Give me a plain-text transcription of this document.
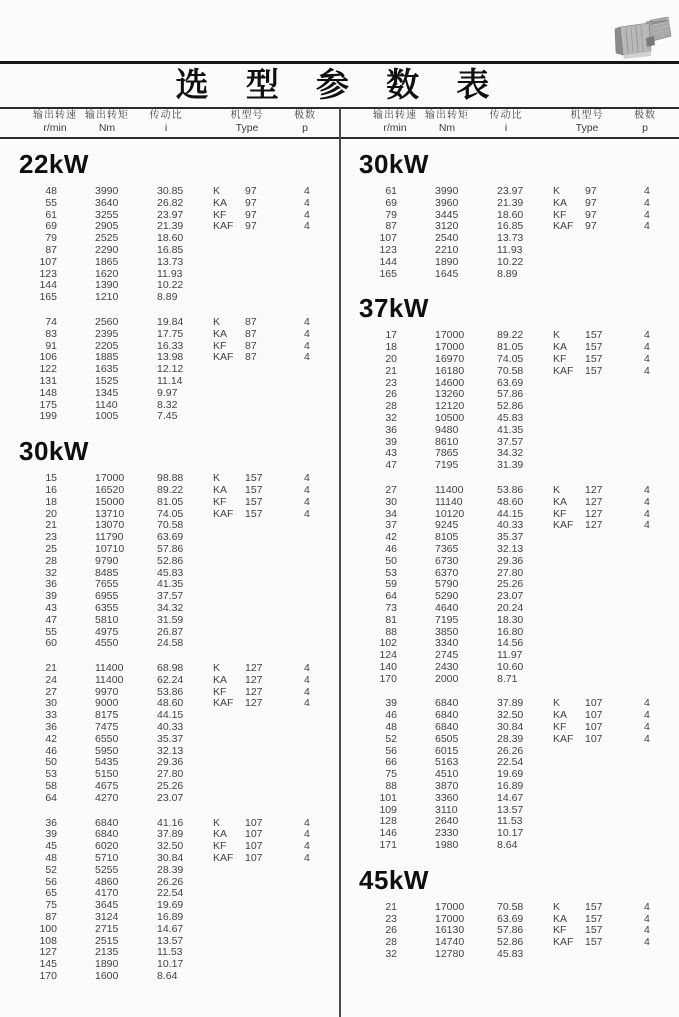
选 型 参 数 表
输出转速
r/min
输出转矩
Nm
传动比
i
机型号
Type
极数
p
输出转速
r/min
输出转矩
Nm
传动比
i
机型号
Type
极数
p
22kW
48	3990	30.85	K	97	4
55	3640	26.82	KA	97	4
61	3255	23.97	KF	97	4
69	2905	21.39	KAF	97	4
79	2525	18.60
87	2290	16.85
107	1865	13.73
123	1620	11.93
144	1390	10.22
165	1210	8.89
74	2560	19.84	K	87	4
83	2395	17.75	KA	87	4
91	2205	16.33	KF	87	4
106	1885	13.98	KAF	87	4
122	1635	12.12
131	1525	11.14
148	1345	9.97
175	1140	8.32
199	1005	7.45
30kW
15	17000	98.88	K	157	4
16	16520	89.22	KA	157	4
18	15000	81.05	KF	157	4
20	13710	74.05	KAF	157	4
21	13070	70.58
23	11790	63.69
25	10710	57.86
28	9790	52.86
32	8485	45.83
36	7655	41.35
39	6955	37.57
43	6355	34.32
47	5810	31.59
55	4975	26.87
60	4550	24.58
21	11400	68.98	K	127	4
24	11400	62.24	KA	127	4
27	9970	53.86	KF	127	4
30	9000	48.60	KAF	127	4
33	8175	44.15
36	7475	40.33
42	6550	35.37
46	5950	32.13
50	5435	29.36
53	5150	27.80
58	4675	25.26
64	4270	23.07
36	6840	41.16	K	107	4
39	6840	37.89	KA	107	4
45	6020	32.50	KF	107	4
48	5710	30.84	KAF	107	4
52	5255	28.39
56	4860	26.26
65	4170	22.54
75	3645	19.69
87	3124	16.89
100	2715	14.67
108	2515	13.57
127	2135	11.53
145	1890	10.17
170	1600	8.64
30kW
61	3990	23.97	K	97	4
69	3960	21.39	KA	97	4
79	3445	18.60	KF	97	4
87	3120	16.85	KAF	97	4
107	2540	13.73
123	2210	11.93
144	1890	10.22
165	1645	8.89
37kW
17	17000	89.22	K	157	4
18	17000	81.05	KA	157	4
20	16970	74.05	KF	157	4
21	16180	70.58	KAF	157	4
23	14600	63.69
26	13260	57.86
28	12120	52.86
32	10500	45.83
36	9480	41.35
39	8610	37.57
43	7865	34.32
47	7195	31.39
27	11400	53.86	K	127	4
30	11140	48.60	KA	127	4
34	10120	44.15	KF	127	4
37	9245	40.33	KAF	127	4
42	8105	35.37
46	7365	32.13
50	6730	29.36
53	6370	27.80
59	5790	25.26
64	5290	23.07
73	4640	20.24
81	7195	18.30
88	3850	16.80
102	3340	14.56
124	2745	11.97
140	2430	10.60
170	2000	8.71
39	6840	37.89	K	107	4
46	6840	32.50	KA	107	4
48	6840	30.84	KF	107	4
52	6505	28.39	KAF	107	4
56	6015	26.26
66	5163	22.54
75	4510	19.69
88	3870	16.89
101	3360	14.67
109	3110	13.57
128	2640	11.53
146	2330	10.17
171	1980	8.64
45kW
21	17000	70.58	K	157	4
23	17000	63.69	KA	157	4
26	16130	57.86	KF	157	4
28	14740	52.86	KAF	157	4
32	12780	45.83
